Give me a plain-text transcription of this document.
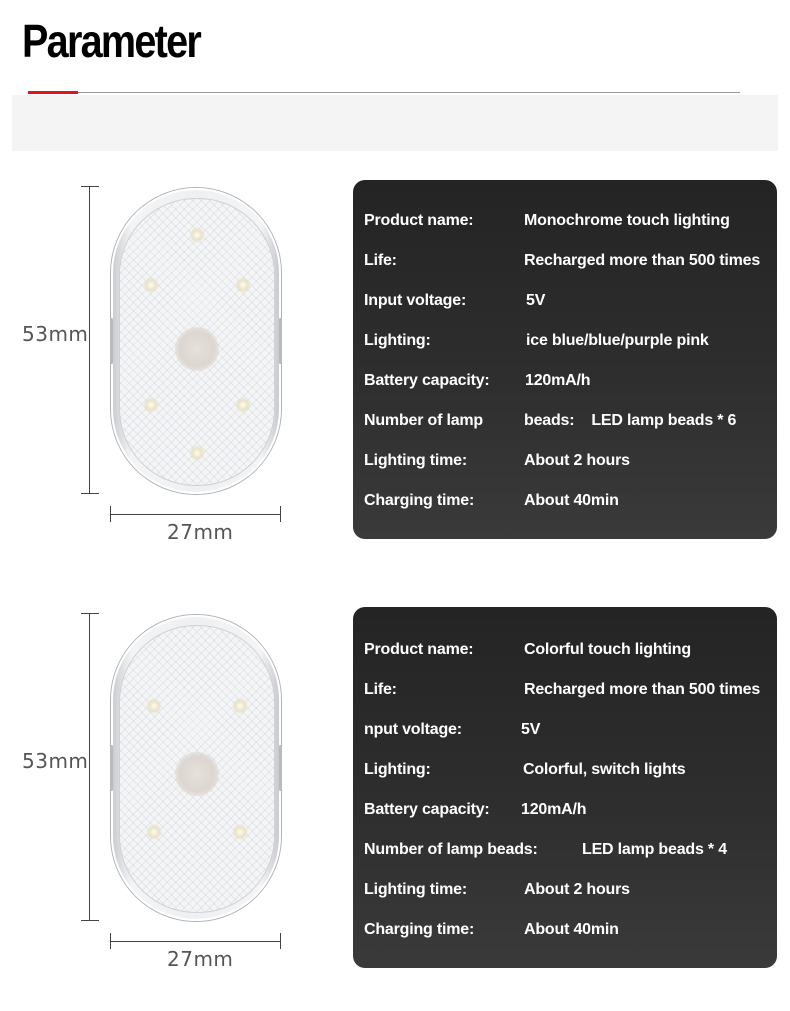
Parameter
53mm
27mm
Product name:	Monochrome touch lighting
Life:	Recharged more than 500 times
Input voltage:	5V
Lighting:	ice blue/blue/purple pink
Battery capacity: 120mA/h
Number of lamp	beads:    LED lamp beads * 6
Lighting time:	About 2 hours
Charging time:	About 40min
53mm
27mm
Product name:	Colorful touch lighting
Life:	Recharged more than 500 times
nput voltage:	5V
Lighting:	Colorful, switch lights
Battery capacity: 120mA/h
Number of lamp beads:	LED lamp beads * 4
Lighting time:	About 2 hours
Charging time:	About 40min
